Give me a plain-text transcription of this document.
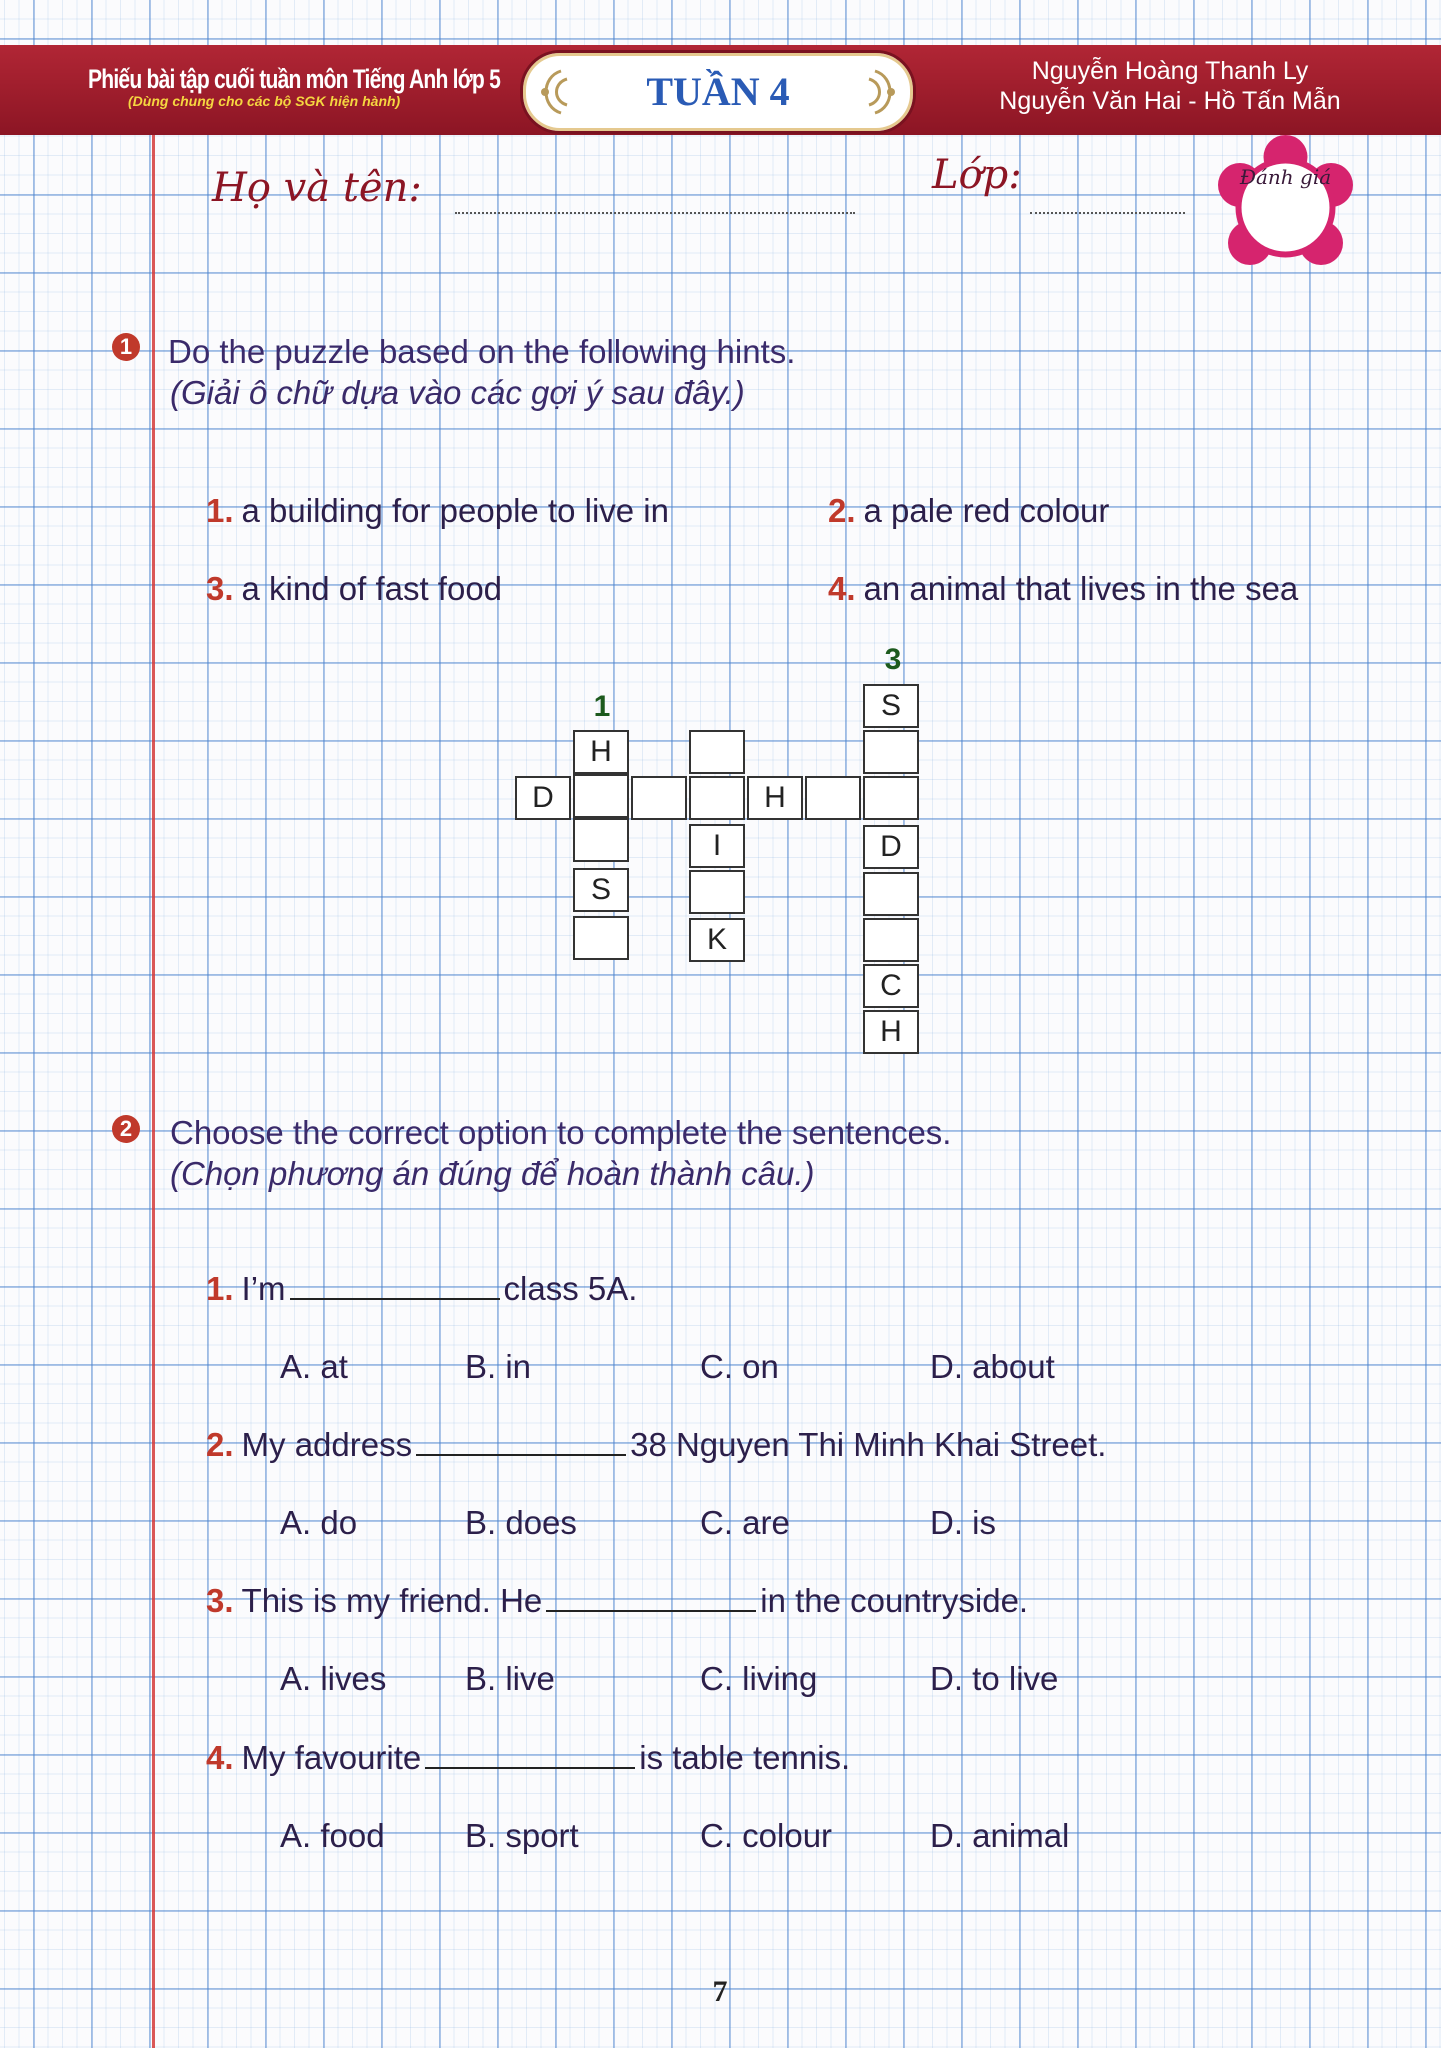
Phiếu bài tập cuối tuần môn Tiếng Anh lớp 5
(Dùng chung cho các bộ SGK hiện hành)	TUẦN 4	Nguyễn Hoàng Thanh Ly
Nguyễn Văn Hai - Hồ Tấn Mẫn
Họ và tên:	Lớp:	Đánh giá
1 Do the puzzle based on the following hints.
(Giải ô chữ dựa vào các gợi ý sau đây.)
1. a building for people to live in	2. a pale red colour
3. a kind of fast food	4. an animal that lives in the sea
1
3
H
S
D	H
I
K
S
D
C
H
2 Choose the correct option to complete the sentences.
(Chọn phương án đúng để hoàn thành câu.)
1. I’m	class 5A.
A. at	B. in	C. on	D. about
2. My address	38 Nguyen Thi Minh Khai Street.
A. do	B. does	C. are	D. is
3. This is my friend. He	in the countryside.
A. lives B. live	C. living	D. to live
4. My favourite	is table tennis.
A. food B. sport	C. colour	D. animal
7
